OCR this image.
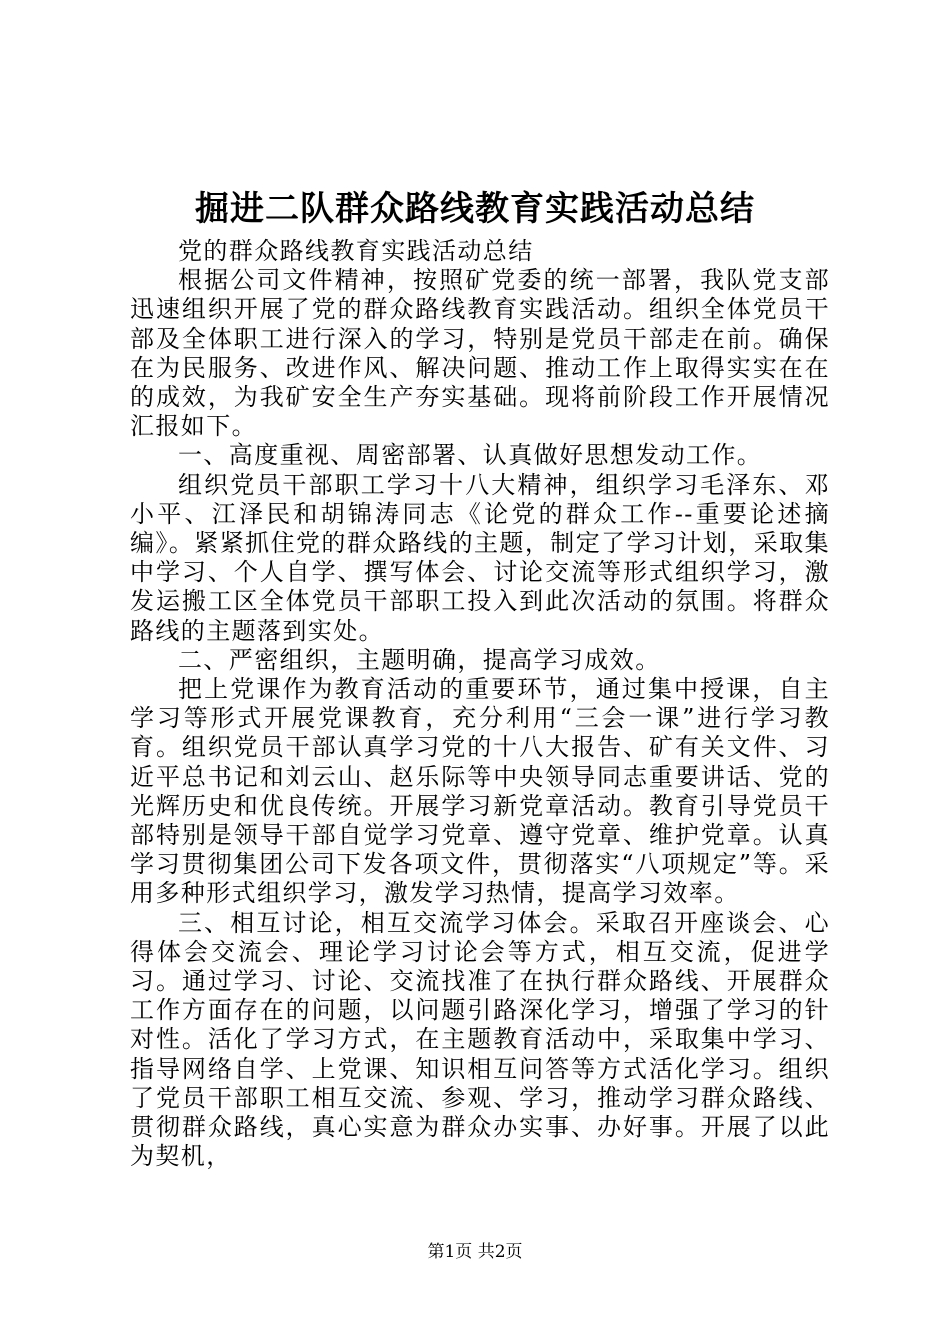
掘进二队群众路线教育实践活动总结

党的群众路线教育实践活动总结

根据公司文件精神，按照矿党委的统一部署，我队党支部迅速组织开展了党的群众路线教育实践活动。组织全体党员干部及全体职工进行深入的学习，特别是党员干部走在前。确保在为民服务、改进作风、解决问题、推动工作上取得实实在在的成效，为我矿安全生产夯实基础。现将前阶段工作开展情况汇报如下。

一、高度重视、周密部署、认真做好思想发动工作。

组织党员干部职工学习十八大精神，组织学习毛泽东、邓小平、江泽民和胡锦涛同志《论党的群众工作--重要论述摘编》。紧紧抓住党的群众路线的主题，制定了学习计划，采取集中学习、个人自学、撰写体会、讨论交流等形式组织学习，激发运搬工区全体党员干部职工投入到此次活动的氛围。将群众路线的主题落到实处。

二、严密组织，主题明确，提高学习成效。

把上党课作为教育活动的重要环节，通过集中授课，自主学习等形式开展党课教育，充分利用“三会一课”进行学习教育。组织党员干部认真学习党的十八大报告、矿有关文件、习近平总书记和刘云山、赵乐际等中央领导同志重要讲话、党的光辉历史和优良传统。开展学习新党章活动。教育引导党员干部特别是领导干部自觉学习党章、遵守党章、维护党章。认真学习贯彻集团公司下发各项文件，贯彻落实“八项规定”等。采用多种形式组织学习，激发学习热情，提高学习效率。

三、相互讨论，相互交流学习体会。采取召开座谈会、心得体会交流会、理论学习讨论会等方式，相互交流，促进学习。通过学习、讨论、交流找准了在执行群众路线、开展群众工作方面存在的问题，以问题引路深化学习，增强了学习的针对性。活化了学习方式，在主题教育活动中，采取集中学习、指导网络自学、上党课、知识相互问答等方式活化学习。组织了党员干部职工相互交流、参观、学习，推动学习群众路线、贯彻群众路线，真心实意为群众办实事、办好事。开展了以此为契机，

第1页 共2页
